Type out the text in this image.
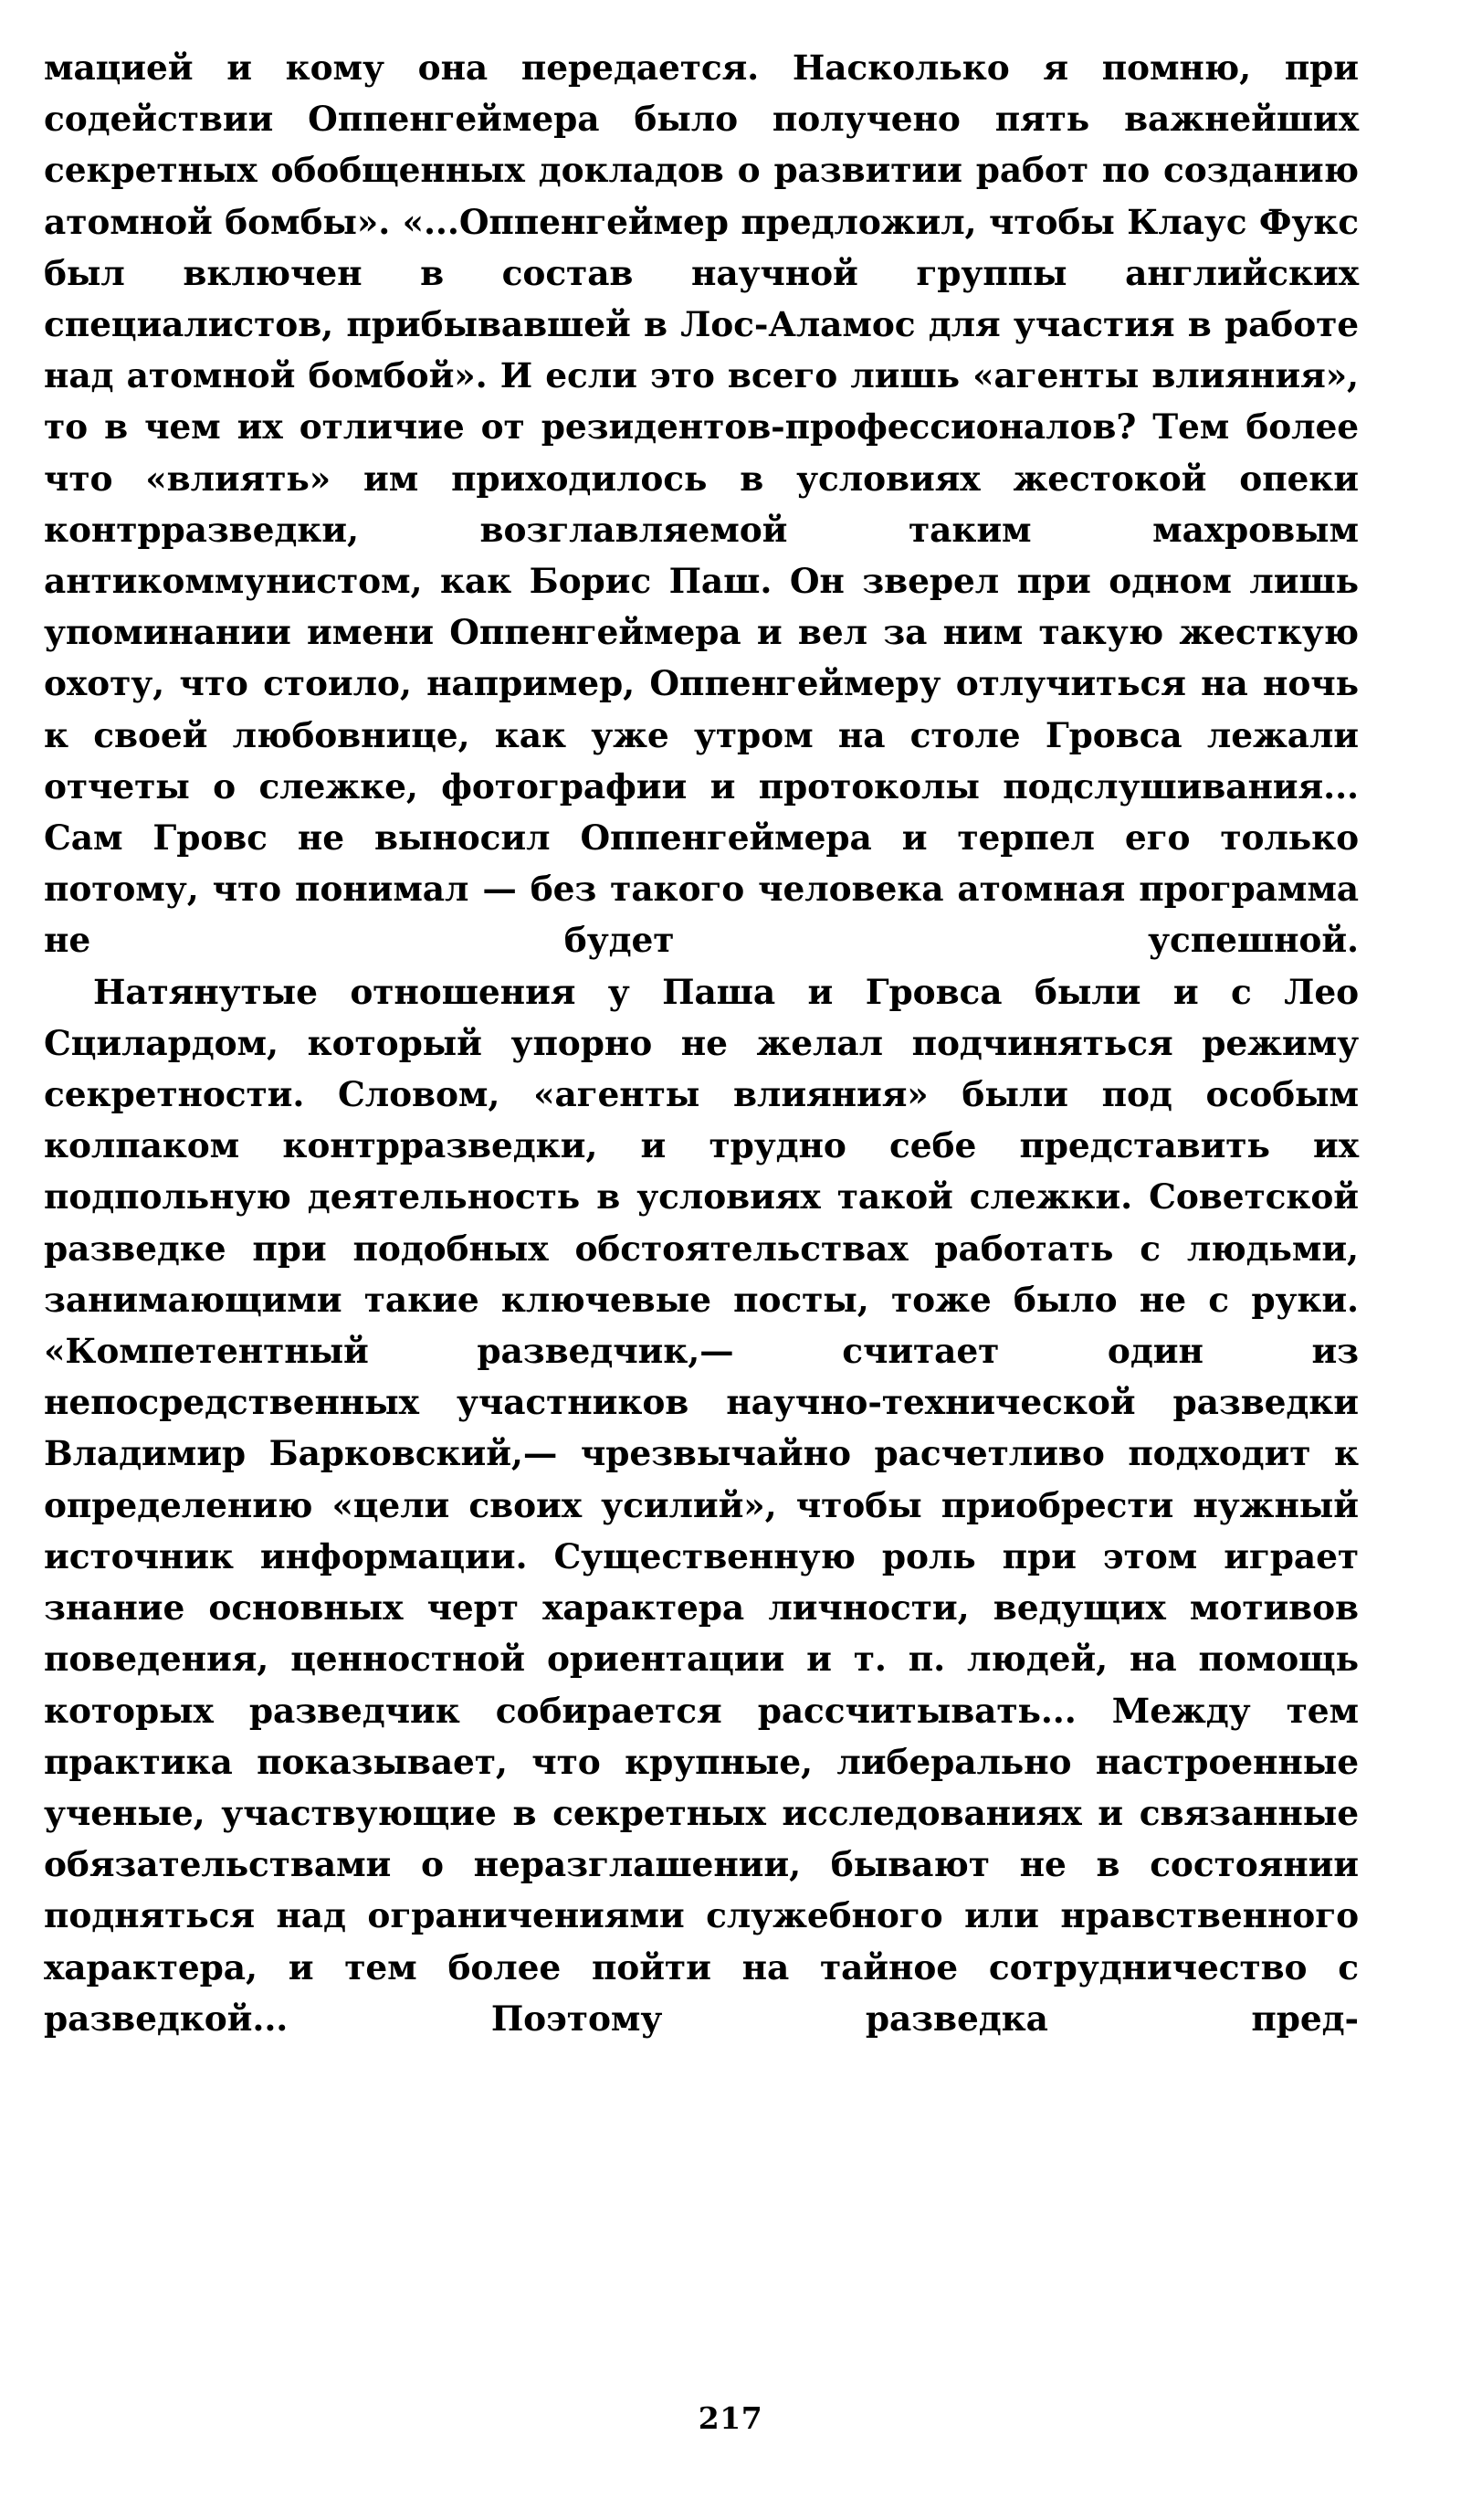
мацией и кому она передается. Насколько я помню, при содействии Оппенгеймера было получено пять важнейших секретных обобщенных докладов о развитии работ по созданию атомной бомбы». «...Оппенгеймер предложил, чтобы Клаус Фукс был включен в состав научной группы английских специалистов, прибывавшей в Лос-Аламос для участия в работе над атомной бомбой». И если это всего лишь «агенты влияния», то в чем их отличие от резидентов-профессионалов? Тем более что «влиять» им приходилось в условиях жестокой опеки контрразведки, возглавляемой таким махровым антикоммунистом, как Борис Паш. Он зверел при одном лишь упоминании имени Оппенгеймера и вел за ним такую жесткую охоту, что стоило, например, Оппенгеймеру отлучиться на ночь к своей любовнице, как уже утром на столе Гровса лежали отчеты о слежке, фотографии и протоколы подслушивания... Сам Гровс не выносил Оппенгеймера и терпел его только потому, что понимал — без такого человека атомная программа не будет успешной.

Натянутые отношения у Паша и Гровса были и с Лео Сцилардом, который упорно не желал подчиняться режиму секретности. Словом, «агенты влияния» были под особым колпаком контрразведки, и трудно себе представить их подпольную деятельность в условиях такой слежки. Советской разведке при подобных обстоятельствах работать с людьми, занимающими такие ключевые посты, тоже было не с руки. «Компетентный разведчик,— считает один из непосредственных участников научно-технической разведки Владимир Барковский,— чрезвычайно расчетливо подходит к определению «цели своих усилий», чтобы приобрести нужный источник информации. Существенную роль при этом играет знание основных черт характера личности, ведущих мотивов поведения, ценностной ориентации и т. п. людей, на помощь которых разведчик собирается рассчитывать... Между тем практика показывает, что крупные, либерально настроенные ученые, участвующие в секретных исследованиях и связанные обязательствами о неразглашении, бывают не в состоянии подняться над ограничениями служебного или нравственного характера, и тем более пойти на тайное сотрудничество с разведкой... Поэтому разведка пред-

217
